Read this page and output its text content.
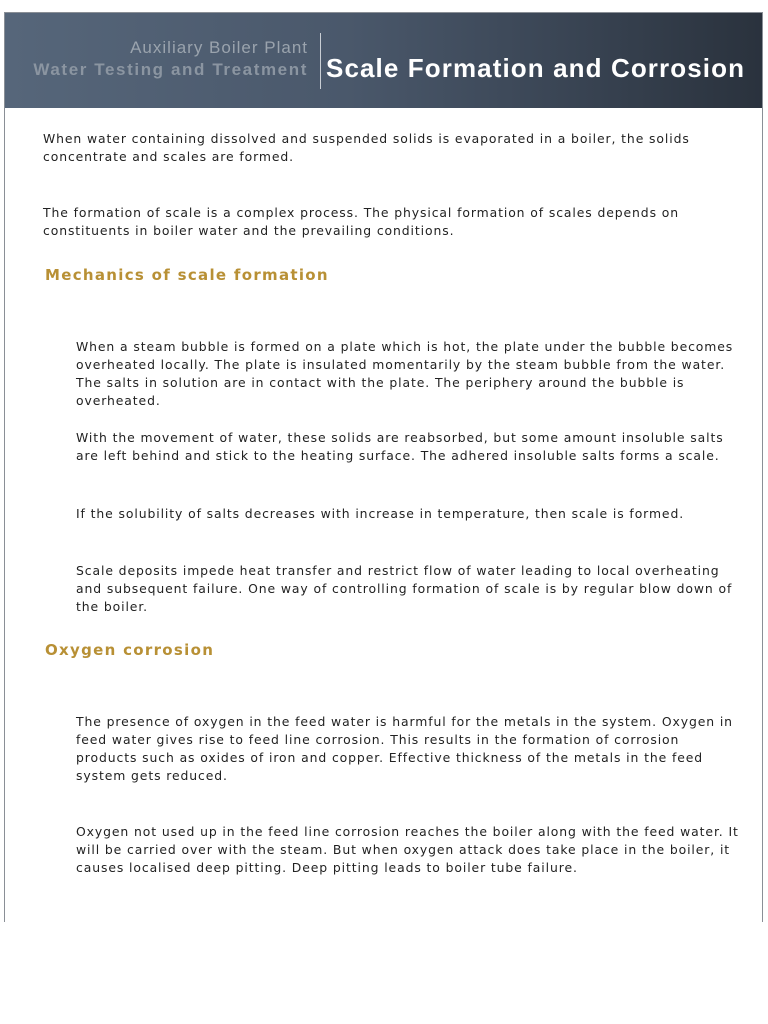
Auxiliary Boiler Plant
Water Testing and Treatment Scale Formation and Corrosion

When water containing dissolved and suspended solids is evaporated in a boiler, the solids concentrate and scales are formed.

The formation of scale is a complex process. The physical formation of scales depends on constituents in boiler water and the prevailing conditions.

Mechanics of scale formation

When a steam bubble is formed on a plate which is hot, the plate under the bubble becomes overheated locally. The plate is insulated momentarily by the steam bubble from the water. The salts in solution are in contact with the plate. The periphery around the bubble is overheated.

With the movement of water, these solids are reabsorbed, but some amount insoluble salts are left behind and stick to the heating surface. The adhered insoluble salts forms a scale.

If the solubility of salts decreases with increase in temperature, then scale is formed.

Scale deposits impede heat transfer and restrict flow of water leading to local overheating and subsequent failure. One way of controlling formation of scale is by regular blow down of the boiler.

Oxygen corrosion

The presence of oxygen in the feed water is harmful for the metals in the system. Oxygen in feed water gives rise to feed line corrosion. This results in the formation of corrosion products such as oxides of iron and copper. Effective thickness of the metals in the feed system gets reduced.

Oxygen not used up in the feed line corrosion reaches the boiler along with the feed water. It will be carried over with the steam. But when oxygen attack does take place in the boiler, it causes localised deep pitting. Deep pitting leads to boiler tube failure.
